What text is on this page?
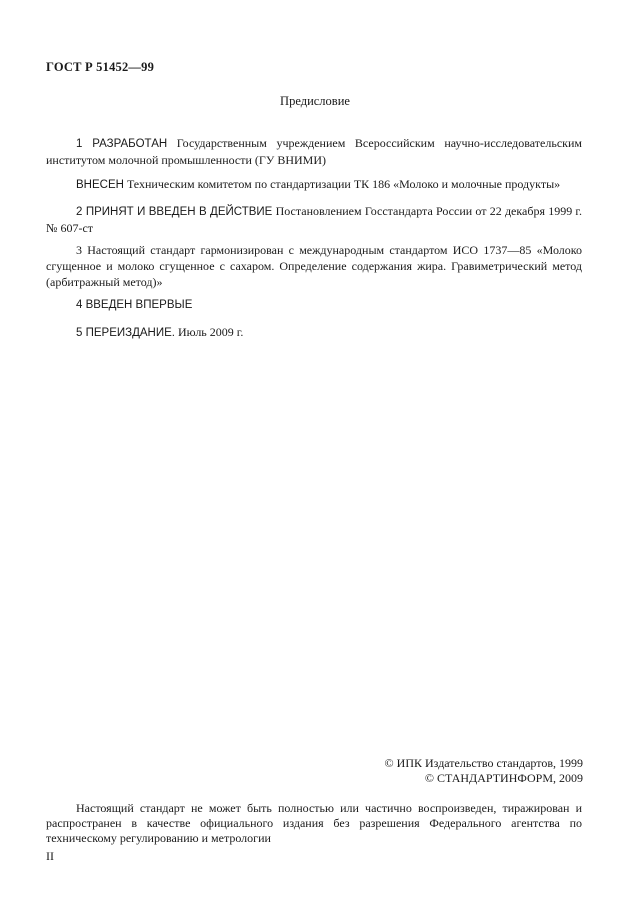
ГОСТ Р 51452—99
Предисловие
1 РАЗРАБОТАН Государственным учреждением Всероссийским научно-исследовательским институтом молочной промышленности (ГУ ВНИМИ)
ВНЕСЕН Техническим комитетом по стандартизации ТК 186 «Молоко и молочные продукты»
2 ПРИНЯТ И ВВЕДЕН В ДЕЙСТВИЕ Постановлением Госстандарта России от 22 декабря 1999 г. № 607-ст
3 Настоящий стандарт гармонизирован с международным стандартом ИСО 1737—85 «Молоко сгущенное и молоко сгущенное с сахаром. Определение содержания жира. Гравиметрический метод (арбитражный метод)»
4 ВВЕДЕН ВПЕРВЫЕ
5 ПЕРЕИЗДАНИЕ. Июль 2009 г.
© ИПК Издательство стандартов, 1999
© СТАНДАРТИНФОРМ, 2009
Настоящий стандарт не может быть полностью или частично воспроизведен, тиражирован и распространен в качестве официального издания без разрешения Федерального агентства по техническому регулированию и метрологии
II
